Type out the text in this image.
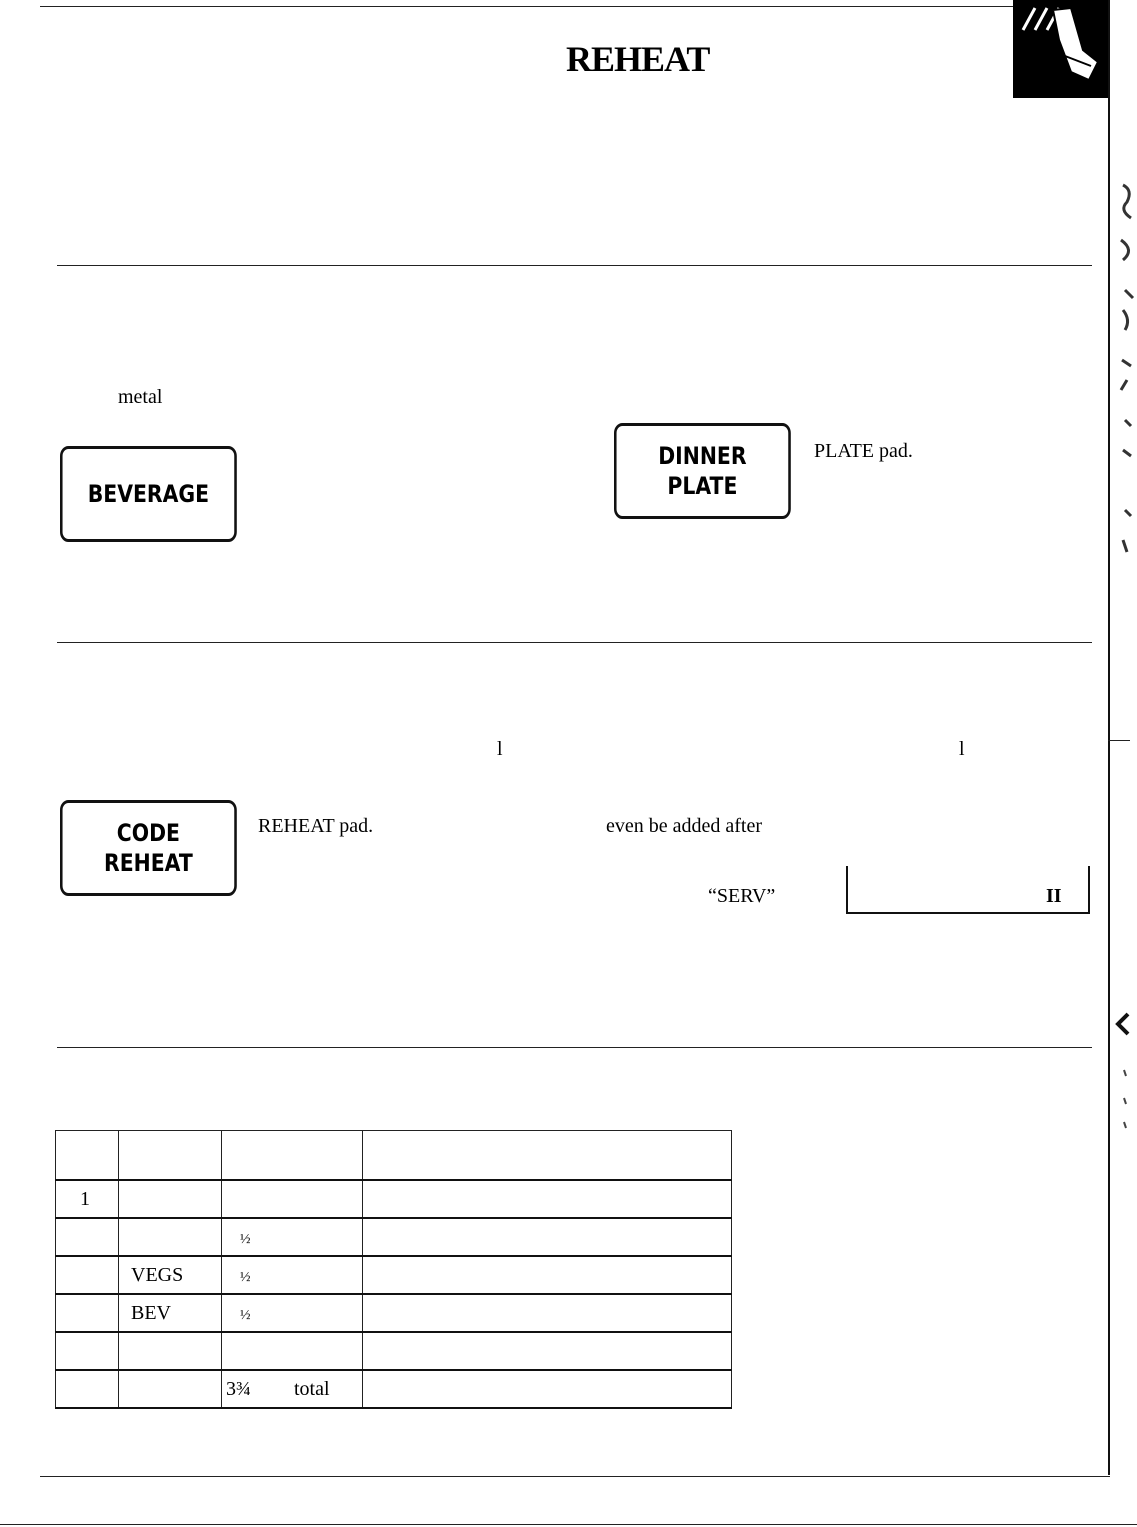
REHEAT
metal
BEVERAGE
DINNER
PLATE
PLATE pad.
l	l
CODE
REHEAT
REHEAT pad.	even be added after
“SERV”	II

1			
		½	
	VEGS	½	
	BEV	½	

		3¾ total	
